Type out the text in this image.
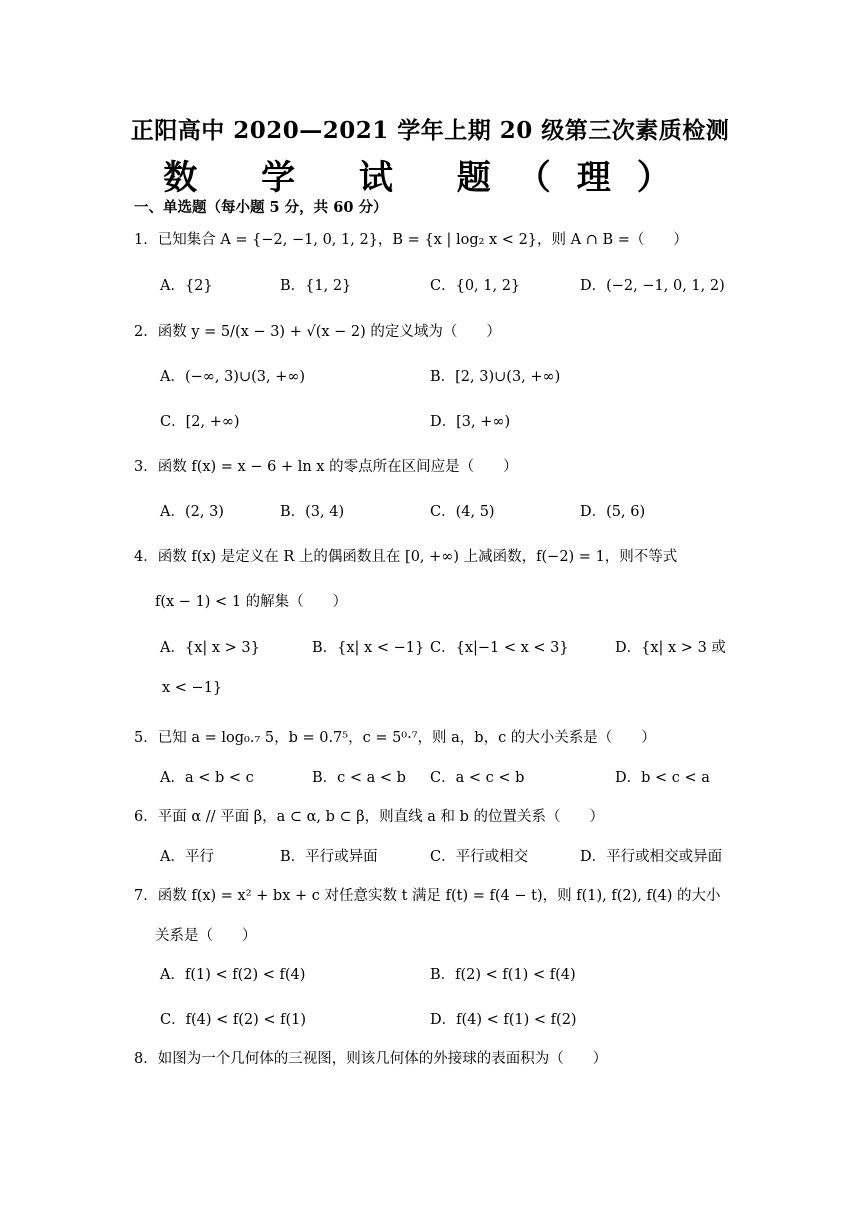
正阳高中 2020—2021 学年上期 20 级第三次素质检测
数 学 试 题（理）
一、单选题（每小题 5 分，共 60 分）
1．已知集合 A = {−2, −1, 0, 1, 2}，B = {x | log₂ x < 2}，则 A ∩ B =（　　）
A．{2}	B．{1, 2}	C．{0, 1, 2}	D．(−2, −1, 0, 1, 2)
2．函数 y = 5/(x − 3) + √(x − 2) 的定义域为（　　）
A．(−∞, 3)∪(3, +∞)	B．[2, 3)∪(3, +∞)
C．[2, +∞)	D．[3, +∞)
3．函数 f(x) = x − 6 + ln x 的零点所在区间应是（　　）
A．(2, 3)	B．(3, 4)	C．(4, 5)	D．(5, 6)
4．函数 f(x) 是定义在 R 上的偶函数且在 [0, +∞) 上减函数，f(−2) = 1，则不等式
f(x − 1) < 1 的解集（　　）
A．{x| x > 3}	B．{x| x < −1} C．{x|−1 < x < 3}	D．{x| x > 3 或
x < −1}
5．已知 a = log₀.₇ 5，b = 0.7⁵，c = 5⁰·⁷，则 a，b，c 的大小关系是（　　）
A．a < b < c	B．c < a < b C．a < c < b	D．b < c < a
6．平面 α // 平面 β，a ⊂ α, b ⊂ β，则直线 a 和 b 的位置关系（　　）
A．平行	B．平行或异面	C．平行或相交	D．平行或相交或异面
7．函数 f(x) = x² + bx + c 对任意实数 t 满足 f(t) = f(4 − t)，则 f(1), f(2), f(4) 的大小
关系是（　　）
A．f(1) < f(2) < f(4)	B．f(2) < f(1) < f(4)
C．f(4) < f(2) < f(1)	D．f(4) < f(1) < f(2)
8．如图为一个几何体的三视图，则该几何体的外接球的表面积为（　　）
